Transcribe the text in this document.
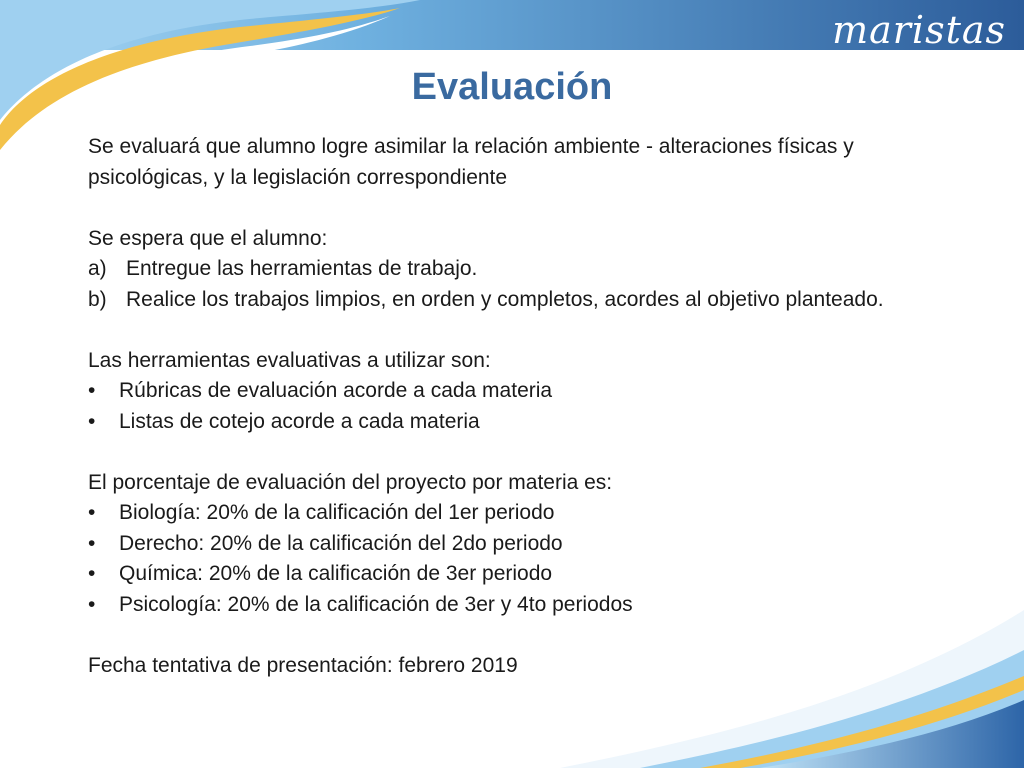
maristas
Evaluación

Se evaluará que alumno logre asimilar la relación ambiente - alteraciones físicas y psicológicas, y la legislación correspondiente

Se espera que el alumno:

a) Entregue las herramientas de trabajo.
b) Realice los trabajos limpios, en orden y completos, acordes al objetivo planteado.

Las herramientas evaluativas a utilizar son:

• Rúbricas de evaluación acorde a cada materia
• Listas de cotejo acorde a cada materia

El porcentaje de evaluación del proyecto por materia es:

• Biología: 20% de la calificación del 1er periodo
• Derecho: 20% de la calificación del 2do periodo
• Química: 20% de la calificación de 3er periodo
• Psicología: 20% de la calificación de 3er y 4to periodos

Fecha tentativa de presentación: febrero 2019
